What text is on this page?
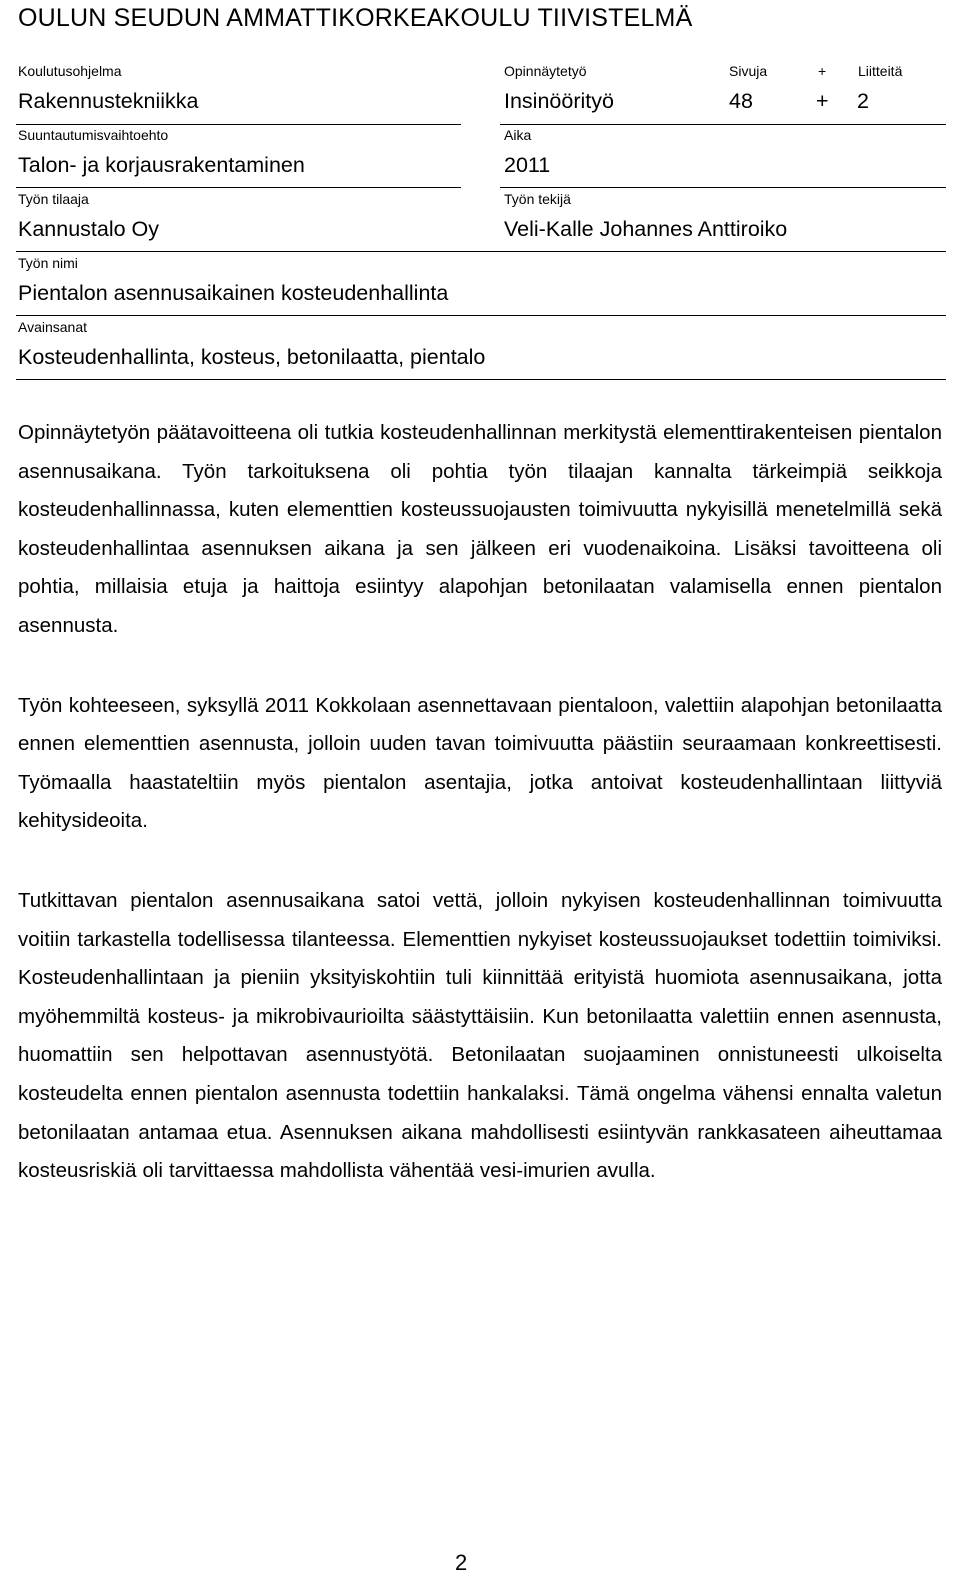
OULUN SEUDUN AMMATTIKORKEAKOULU TIIVISTELMÄ
Koulutusohjelma	Opinnäytetyö	Sivuja	+ Liitteitä
Rakennustekniikka	Insinöörityö	48	+ 2
Suuntautumisvaihtoehto	Aika
Talon- ja korjausrakentaminen	2011
Työn tilaaja	Työn tekijä
Kannustalo Oy	Veli-Kalle Johannes Anttiroiko
Työn nimi
Pientalon asennusaikainen kosteudenhallinta
Avainsanat
Kosteudenhallinta, kosteus, betonilaatta, pientalo

Opinnäytetyön päätavoitteena oli tutkia kosteudenhallinnan merkitystä elementtirakenteisen pientalon asennusaikana. Työn tarkoituksena oli pohtia työn tilaajan kannalta tärkeimpiä seikkoja kosteudenhallinnassa, kuten elementtien kosteussuojausten toimivuutta nykyisillä menetelmillä sekä kosteudenhallintaa asennuksen aikana ja sen jälkeen eri vuodenaikoina. Lisäksi tavoitteena oli pohtia, millaisia etuja ja haittoja esiintyy alapohjan betonilaatan valamisella ennen pientalon asennusta.

Työn kohteeseen, syksyllä 2011 Kokkolaan asennettavaan pientaloon, valettiin alapohjan betonilaatta ennen elementtien asennusta, jolloin uuden tavan toimivuutta päästiin seuraamaan konkreettisesti. Työmaalla haastateltiin myös pientalon asentajia, jotka antoivat kosteudenhallintaan liittyviä kehitysideoita.

Tutkittavan pientalon asennusaikana satoi vettä, jolloin nykyisen kosteudenhallinnan toimivuutta voitiin tarkastella todellisessa tilanteessa. Elementtien nykyiset kosteussuojaukset todettiin toimiviksi. Kosteudenhallintaan ja pieniin yksityiskohtiin tuli kiinnittää erityistä huomiota asennusaikana, jotta myöhemmiltä kosteus- ja mikrobivaurioilta säästyttäisiin. Kun betonilaatta valettiin ennen asennusta, huomattiin sen helpottavan asennustyötä. Betonilaatan suojaaminen onnistuneesti ulkoiselta kosteudelta ennen pientalon asennusta todettiin hankalaksi. Tämä ongelma vähensi ennalta valetun betonilaatan antamaa etua. Asennuksen aikana mahdollisesti esiintyvän rankkasateen aiheuttamaa kosteusriskiä oli tarvittaessa mahdollista vähentää vesi-imurien avulla.

2
